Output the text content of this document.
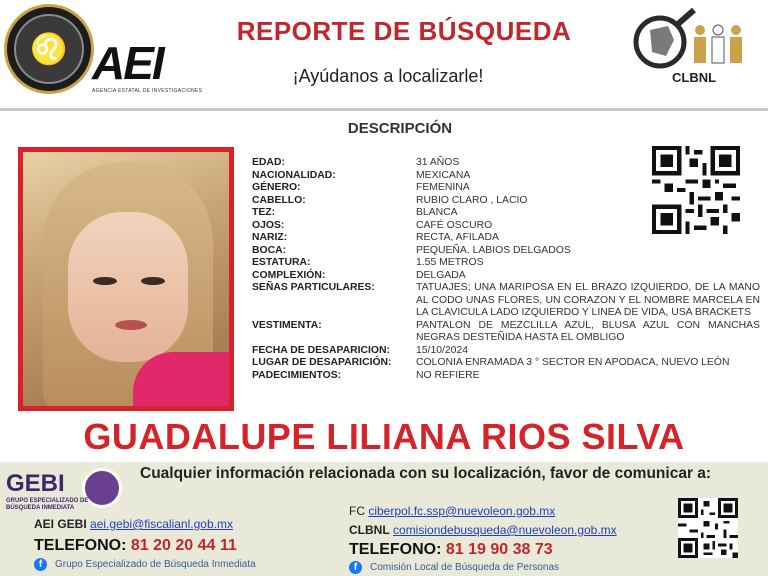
♌ AEI
AGENCIA ESTATAL DE INVESTIGACIONES
REPORTE DE BÚSQUEDA
¡Ayúdanos a localizarle!	CLBNL
DESCRIPCIÓN
EDAD:	31 AÑOS
NACIONALIDAD:	MEXICANA
GÉNERO:	FEMENINA
CABELLO:	RUBIO CLARO , LACIO
TEZ:	BLANCA
OJOS:	CAFÉ OSCURO
NARIZ:	RECTA, AFILADA
BOCA:	PEQUEÑA. LABIOS DELGADOS
ESTATURA:	1.55 METROS
COMPLEXIÓN:	DELGADA
SEÑAS PARTICULARES:	TATUAJES; UNA MARIPOSA EN EL BRAZO IZQUIERDO, DE LA MANO AL CODO UNAS FLORES, UN CORAZON Y EL NOMBRE MARCELA EN LA CLAVICULA LADO IZQUIERDO Y LINEA DE VIDA, USA BRACKETS
VESTIMENTA:	PANTALON DE MEZCLILLA AZUL, BLUSA AZUL CON MANCHAS NEGRAS DESTEÑIDA HASTA EL OMBLIGO
FECHA DE DESAPARICION:	15/10/2024
LUGAR DE DESAPARICIÓN:	COLONIA ENRAMADA 3 ° SECTOR EN APODACA, NUEVO LEÓN
PADECIMIENTOS:	NO REFIERE
GUADALUPE LILIANA RIOS SILVA
GEBI
GRUPO ESPECIALIZADO DE BÚSQUEDA INMEDIATA
Cualquier información relacionada con su localización, favor de comunicar a:
AEI GEBI aei.gebi@fiscalianl.gob.mx
TELEFONO: 81 20 20 44 11
f	Grupo Especializado de Búsqueda Inmediata
FC ciberpol.fc.ssp@nuevoleon.gob.mx
CLBNL comisiondebusqueda@nuevoleon.gob.mx
TELEFONO: 81 19 90 38 73
f	Comisión Local de Búsqueda de Personas
